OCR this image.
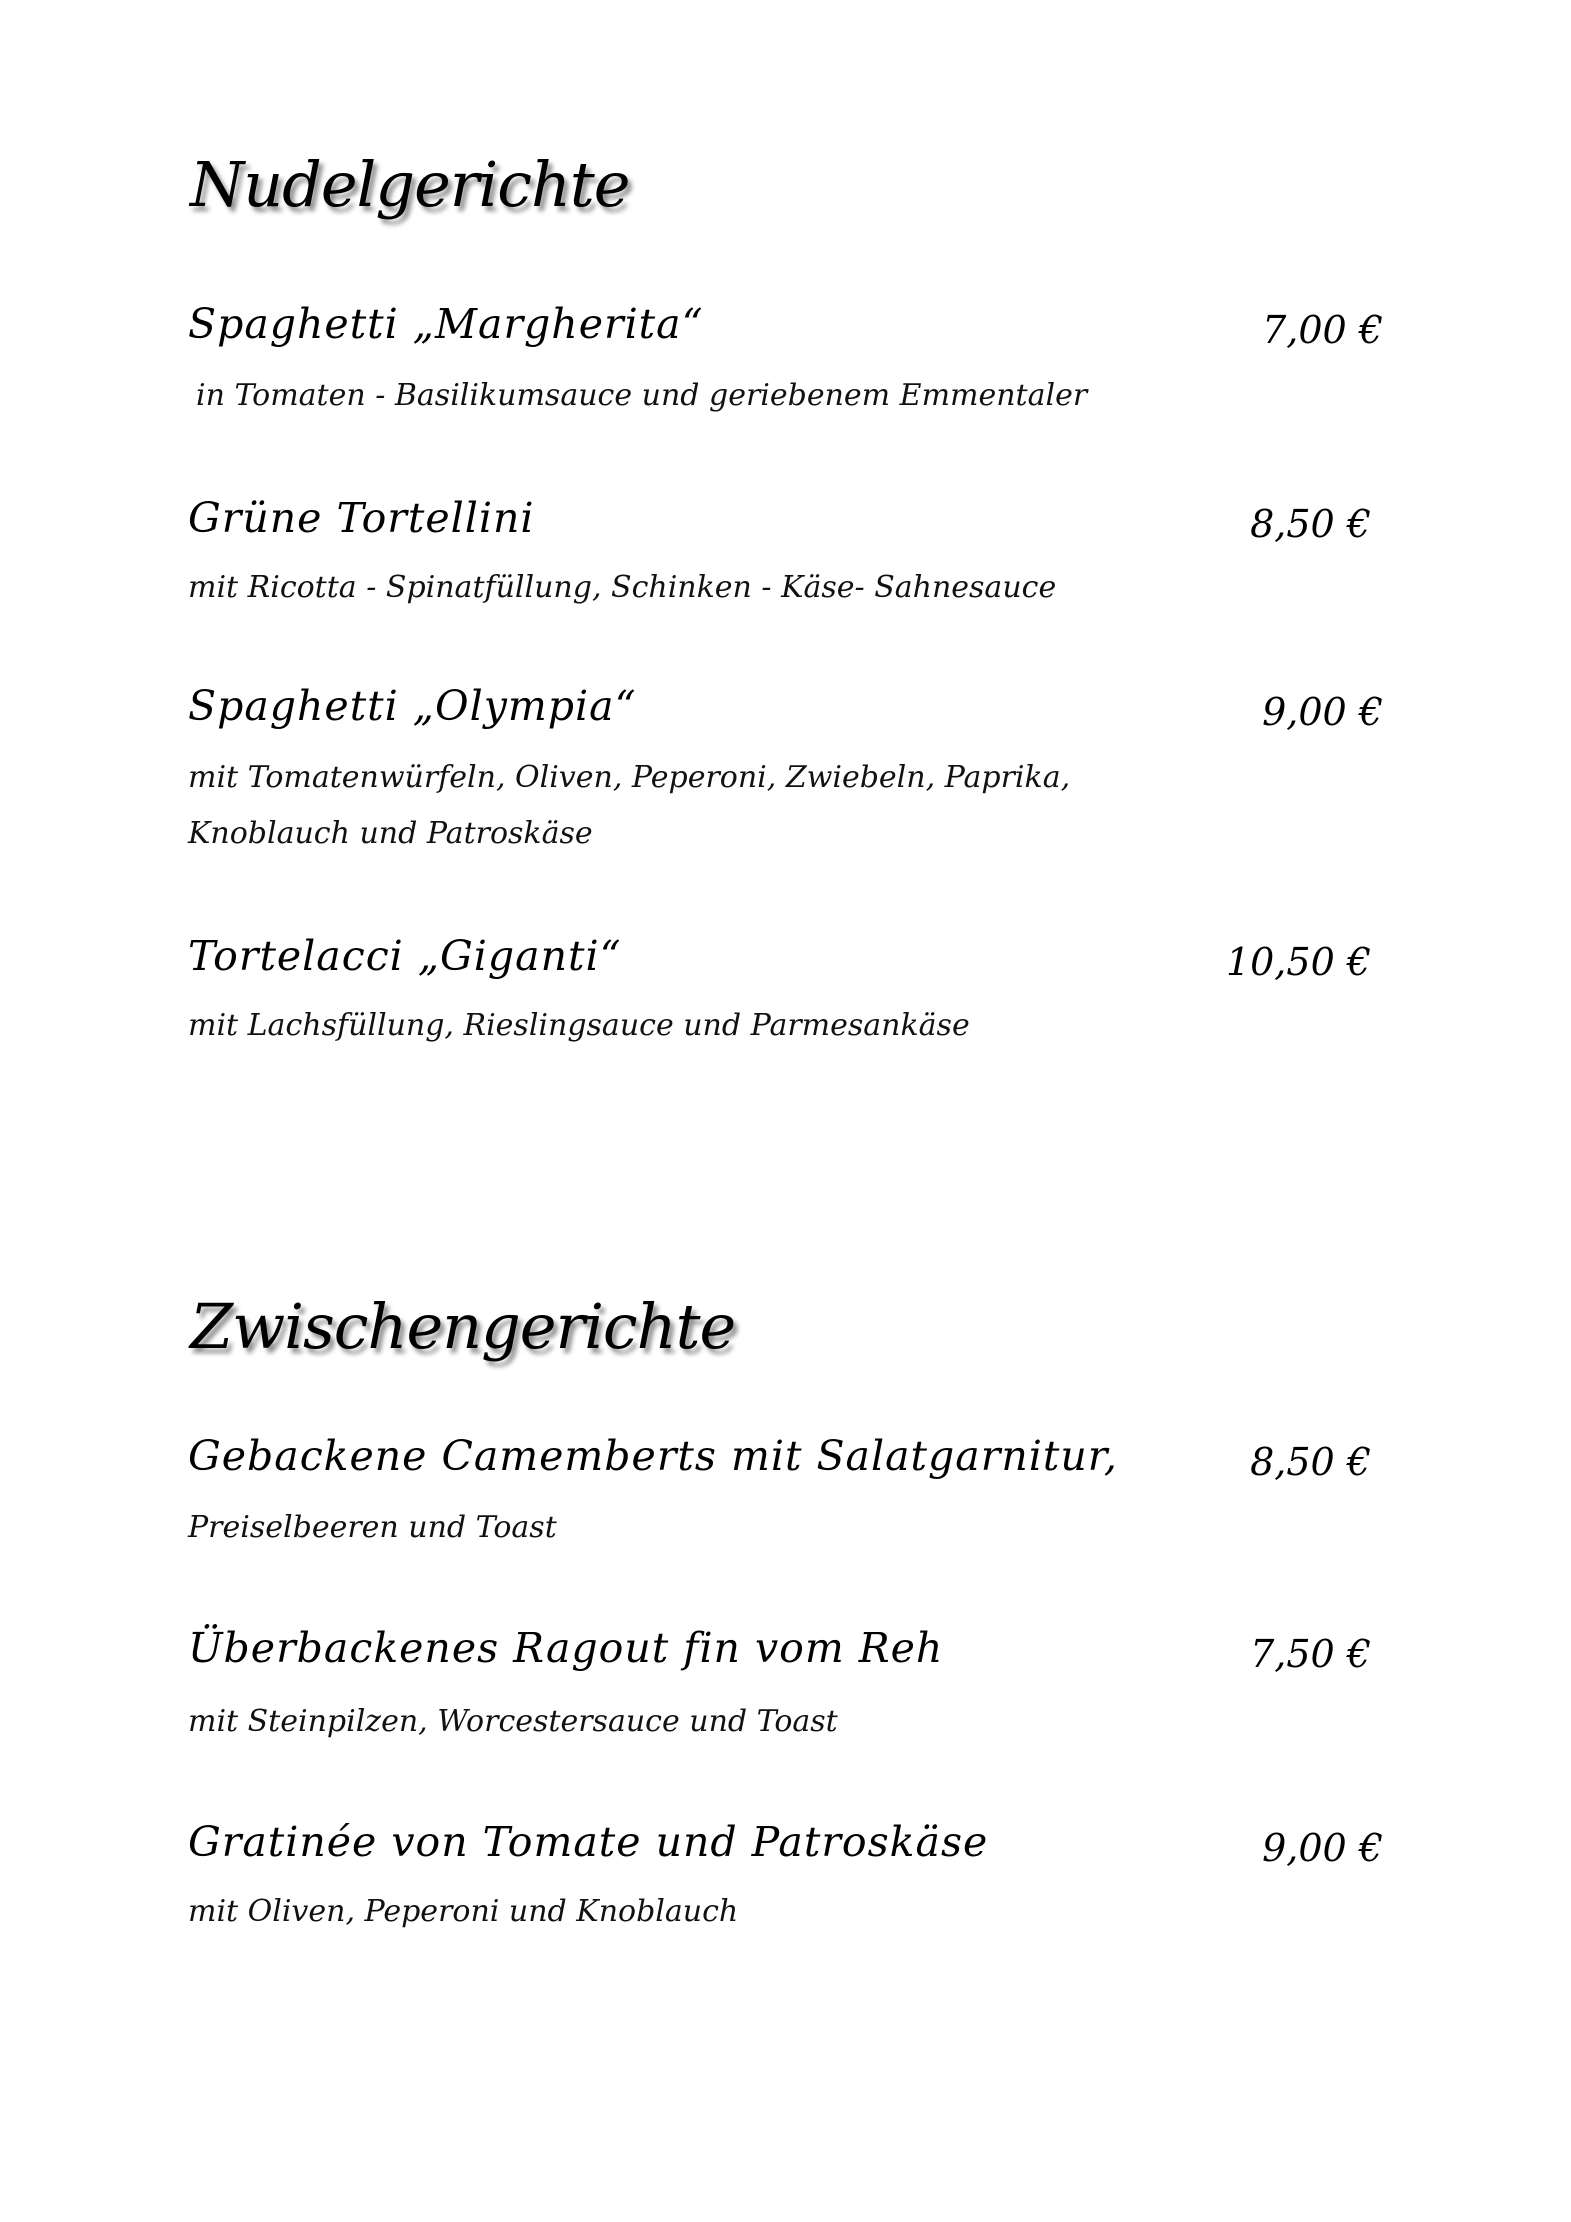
Nudelgerichte

Spaghetti „Margherita“	7,00 €

in Tomaten - Basilikumsauce und geriebenem Emmentaler

Grüne Tortellini	8,50 €

mit Ricotta - Spinatfüllung, Schinken - Käse- Sahnesauce

Spaghetti „Olympia“	9,00 €

mit Tomatenwürfeln, Oliven, Peperoni, Zwiebeln, Paprika,

Knoblauch und Patroskäse

Tortelacci „Giganti“	10,50 €

mit Lachsfüllung, Rieslingsauce und Parmesankäse

Zwischengerichte

Gebackene Camemberts mit Salatgarnitur,	8,50 €

Preiselbeeren und Toast

Überbackenes Ragout fin vom Reh	7,50 €

mit Steinpilzen, Worcestersauce und Toast

Gratinée von Tomate und Patroskäse	9,00 €

mit Oliven, Peperoni und Knoblauch
